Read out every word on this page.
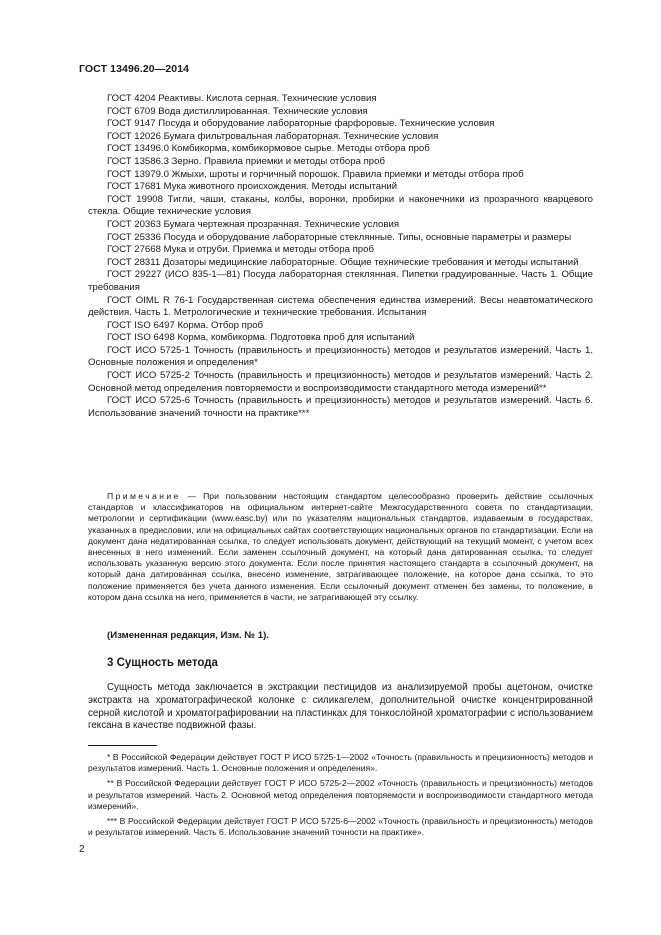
ГОСТ 13496.20—2014

ГОСТ 4204 Реактивы. Кислота серная. Технические условия

ГОСТ 6709 Вода дистиллированная. Технические условия

ГОСТ 9147 Посуда и оборудование лабораторные фарфоровые. Технические условия

ГОСТ 12026 Бумага фильтровальная лабораторная. Технические условия

ГОСТ 13496.0 Комбикорма, комбикормовое сырье. Методы отбора проб

ГОСТ 13586.3 Зерно. Правила приемки и методы отбора проб

ГОСТ 13979.0 Жмыхи, шроты и горчичный порошок. Правила приемки и методы отбора проб

ГОСТ 17681 Мука животного происхождения. Методы испытаний

ГОСТ 19908 Тигли, чаши, стаканы, колбы, воронки, пробирки и наконечники из прозрачного кварцевого стекла. Общие технические условия

ГОСТ 20363 Бумага чертежная прозрачная. Технические условия

ГОСТ 25336 Посуда и оборудование лабораторные стеклянные. Типы, основные параметры и размеры

ГОСТ 27668 Мука и отруби. Приемка и методы отбора проб

ГОСТ 28311 Дозаторы медицинские лабораторные. Общие технические требования и методы испытаний

ГОСТ 29227 (ИСО 835-1—81) Посуда лабораторная стеклянная. Пипетки градуированные. Часть 1. Общие требования

ГОСТ OIML R 76-1 Государственная система обеспечения единства измерений. Весы неавтоматического действия. Часть 1. Метрологические и технические требования. Испытания

ГОСТ ISO 6497 Корма. Отбор проб

ГОСТ ISO 6498 Корма, комбикорма. Подготовка проб для испытаний

ГОСТ ИСО 5725-1 Точность (правильность и прецизионность) методов и результатов измерений. Часть 1. Основные положения и определения*

ГОСТ ИСО 5725-2 Точность (правильность и прецизионность) методов и результатов измерений. Часть 2. Основной метод определения повторяемости и воспроизводимости стандартного метода измерений**

ГОСТ ИСО 5725-6 Точность (правильность и прецизионность) методов и результатов измерений. Часть 6. Использование значений точности на практике***

Примечание — При пользовании настоящим стандартом целесообразно проверить действие ссылочных стандартов и классификаторов на официальном интернет-сайте Межгосударственного совета по стандартизации, метрологии и сертификации (www.easc.by) или по указателям национальных стандартов, издаваемым в государствах, указанных в предисловии, или на официальных сайтах соответствующих национальных органов по стандартизации. Если на документ дана недатированная ссылка, то следует использовать документ, действующий на текущий момент, с учетом всех внесенных в него изменений. Если заменен ссылочный документ, на который дана датированная ссылка, то следует использовать указанную версию этого документа. Если после принятия настоящего стандарта в ссылочный документ, на который дана датированная ссылка, внесено изменение, затрагивающее положение, на которое дана ссылка, то это положение применяется без учета данного изменения. Если ссылочный документ отменен без замены, то положение, в котором дана ссылка на него, применяется в части, не затрагивающей эту ссылку.

(Измененная редакция, Изм. № 1).
3 Сущность метода

Сущность метода заключается в экстракции пестицидов из анализируемой пробы ацетоном, очистке экстракта на хроматографической колонке с силикагелем, дополнительной очистке концентрированной серной кислотой и хроматографировании на пластинках для тонкослойной хроматографии с использованием гексана в качестве подвижной фазы.

* В Российской Федерации действует ГОСТ Р ИСО 5725-1—2002 «Точность (правильность и прецизионность) методов и результатов измерений. Часть 1. Основные положения и определения».

** В Российской Федерации действует ГОСТ Р ИСО 5725-2—2002 «Точность (правильность и прецизионность) методов и результатов измерений. Часть 2. Основной метод определения повторяемости и воспроизводимости стандартного метода измерений».

*** В Российской Федерации действует ГОСТ Р ИСО 5725-6—2002 «Точность (правильность и прецизионность) методов и результатов измерений. Часть 6. Использование значений точности на практике».

2
